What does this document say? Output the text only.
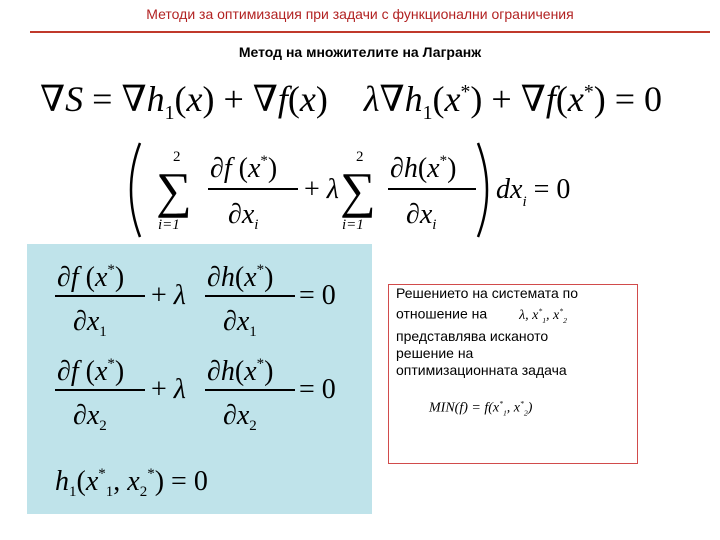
Методи за оптимизация при задачи с функционални ограничения
Метод на множителите на Лагранж
$\nabla S = \nabla h_1(x) + \nabla f(x)$    $\lambda\nabla h_1(x^*) + \nabla f(x^*) = 0$
2
∑
i=1
∂f (x*)
$\partial x_i$
+ λ
2
∑
i=1
∂h(x*)
$\partial x_i$
$dx_i = 0$
∂f (x*)
$\partial x_1$
+ λ
∂h(x*)
$\partial x_1$
= 0
∂f (x*)
$\partial x_2$
+ λ
∂h(x*)
$\partial x_2$
= 0
$h_1(x^*_1$, $x_2^*) = 0$

Решението на системата по

отношение на λ, $x^*_1$, $x^*_2$

представлява исканото

решение на

оптимизационната задача

$MIN(f) = f(x^*_1$, $x^*_2$)
